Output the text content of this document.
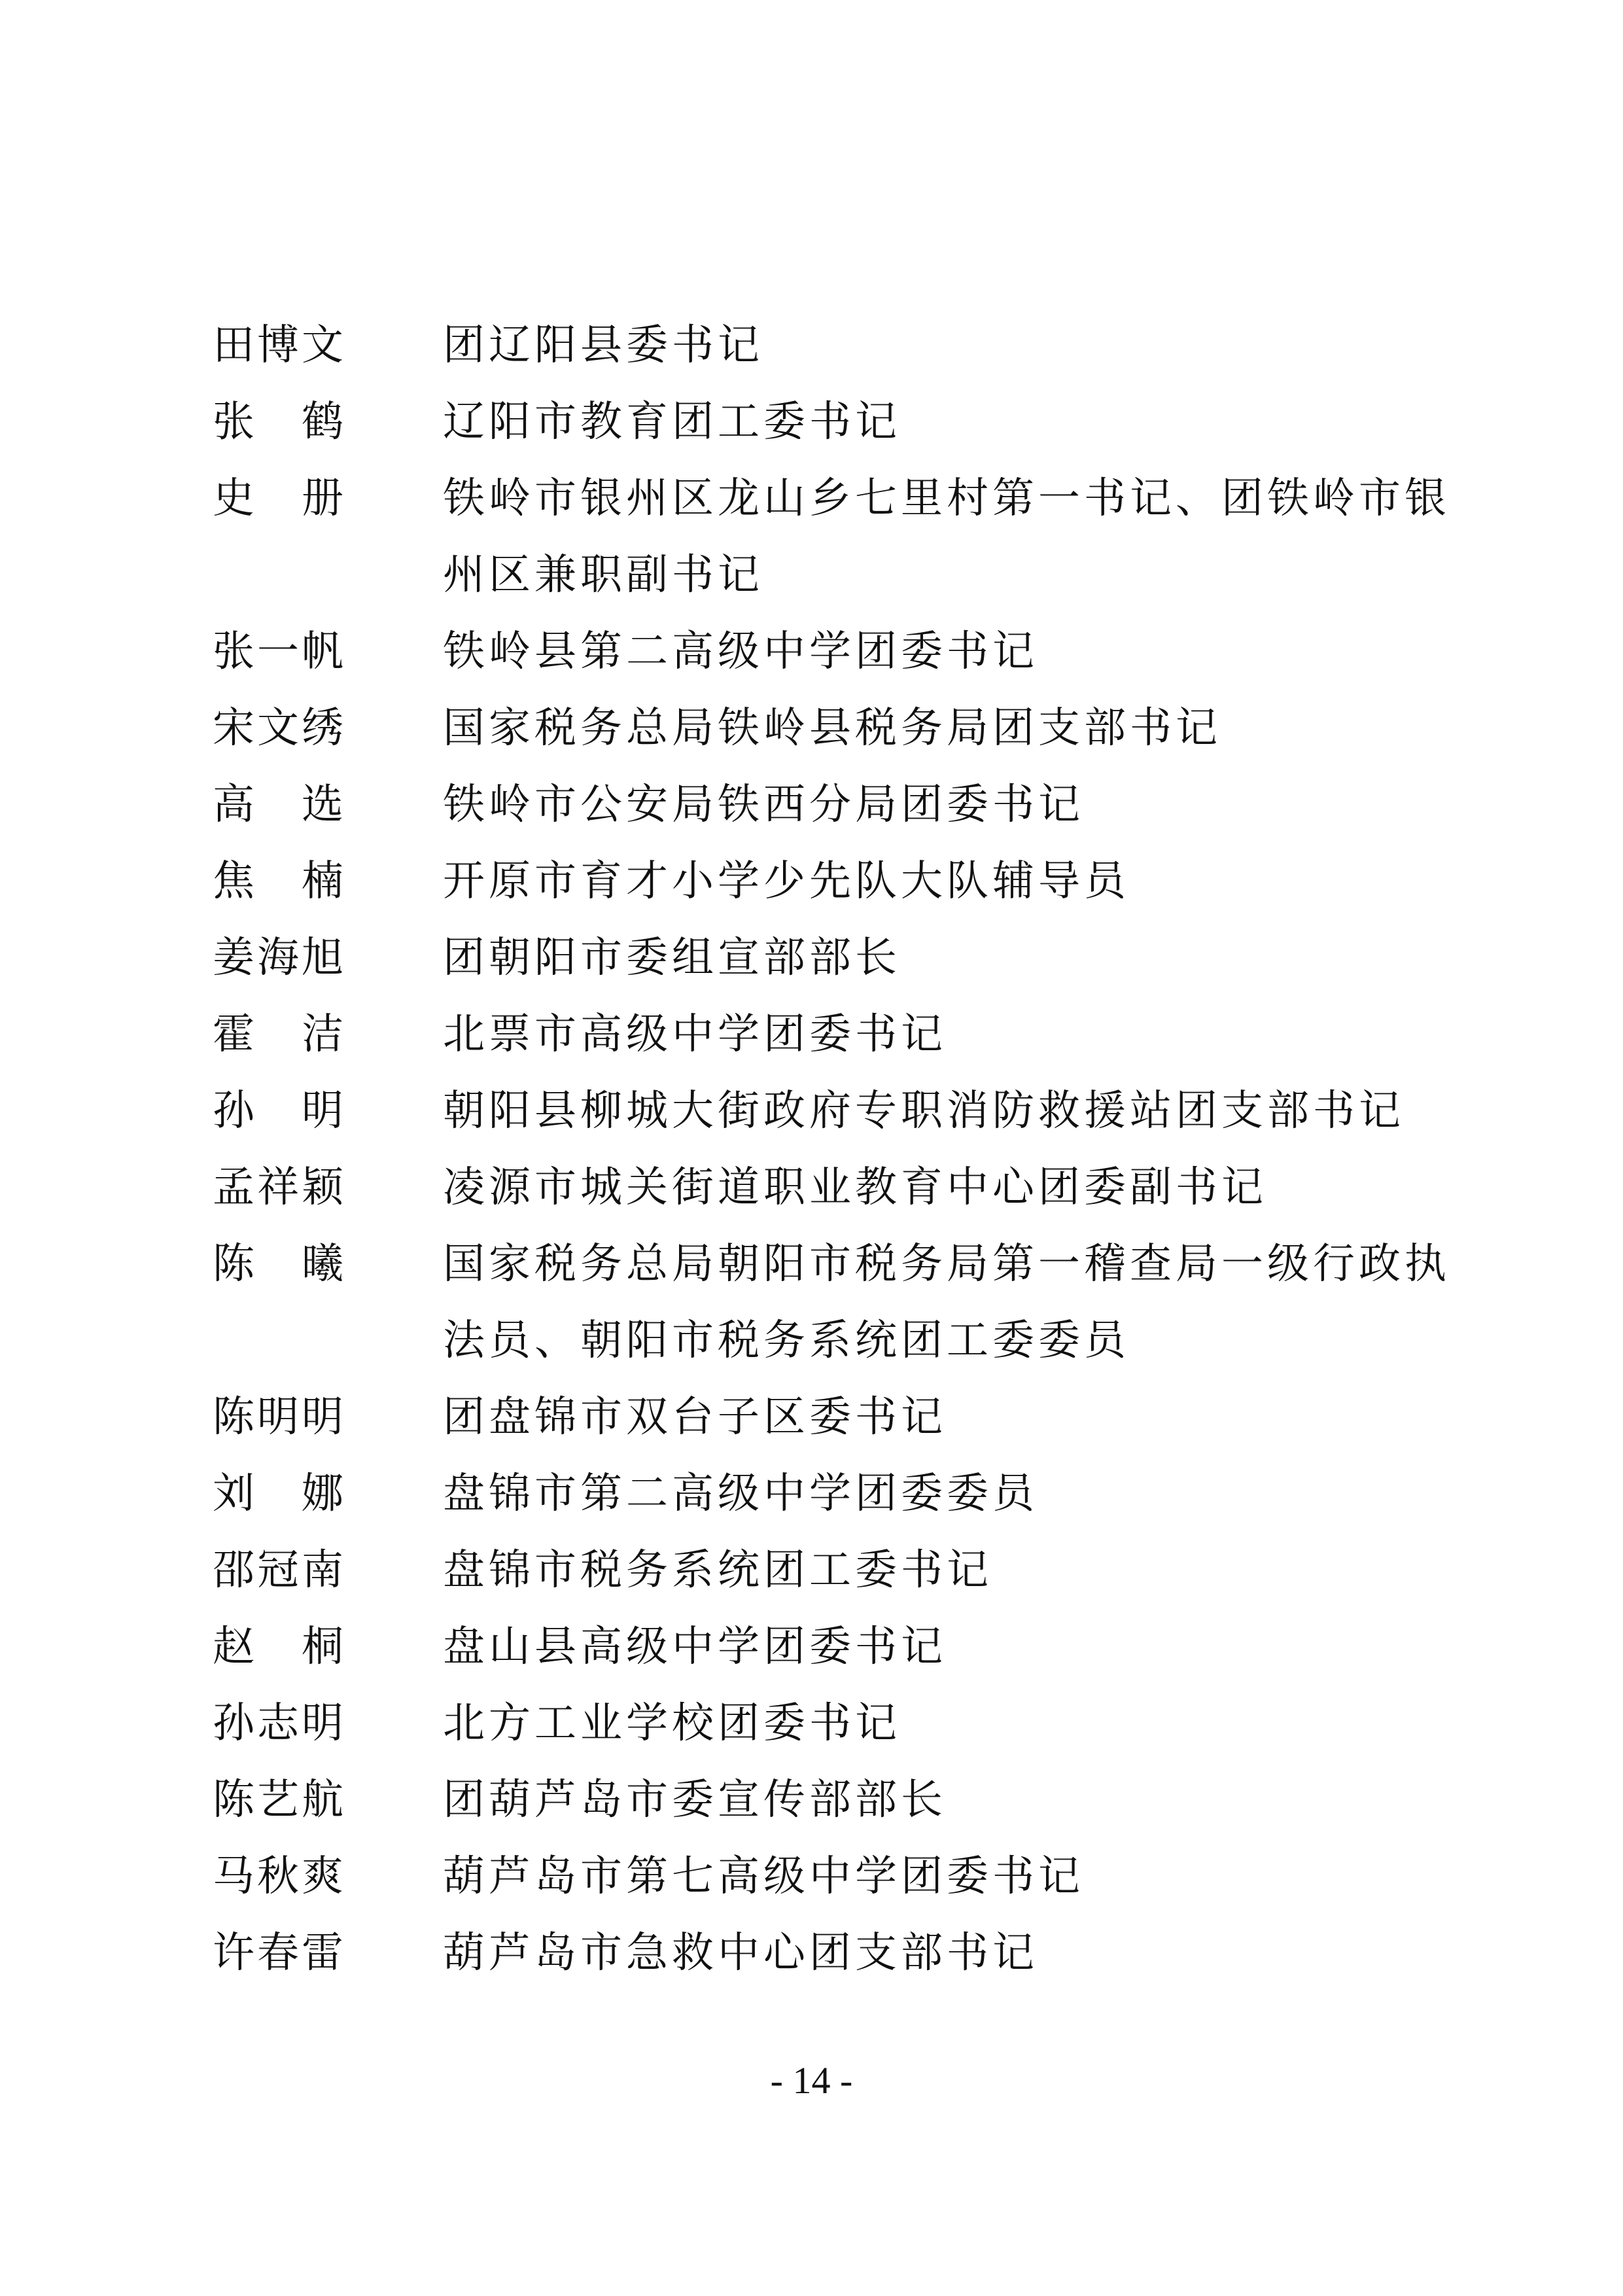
田 博 文 团辽阳县委书记
张 鹤 辽阳市教育团工委书记
史 册 铁岭市银州区龙山乡七里村第一书记、团铁岭市银
州区兼职副书记
张 一 帆 铁岭县第二高级中学团委书记
宋 文 绣 国家税务总局铁岭县税务局团支部书记
高 选 铁岭市公安局铁西分局团委书记
焦 楠 开原市育才小学少先队大队辅导员
姜 海 旭 团朝阳市委组宣部部长
霍 洁 北票市高级中学团委书记
孙 明 朝阳县柳城大街政府专职消防救援站团支部书记
孟 祥 颖 凌源市城关街道职业教育中心团委副书记
陈 曦 国家税务总局朝阳市税务局第一稽查局一级行政执
法员、朝阳市税务系统团工委委员
陈 明 明 团盘锦市双台子区委书记
刘 娜 盘锦市第二高级中学团委委员
邵 冠 南 盘锦市税务系统团工委书记
赵 桐 盘山县高级中学团委书记
孙 志 明 北方工业学校团委书记
陈 艺 航 团葫芦岛市委宣传部部长
马 秋 爽 葫芦岛市第七高级中学团委书记
许 春 雷 葫芦岛市急救中心团支部书记
- 14 -
